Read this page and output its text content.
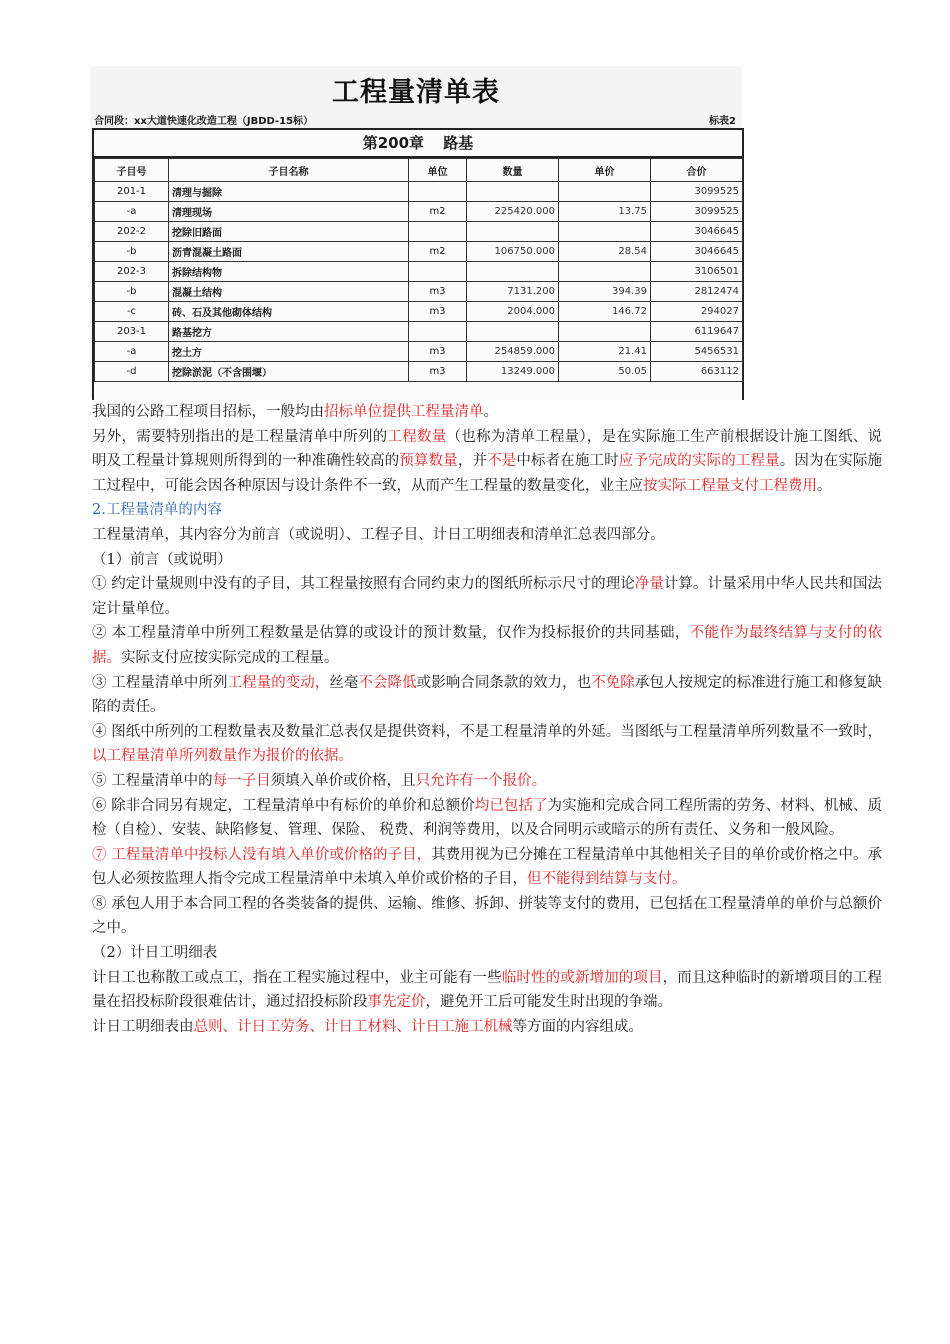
工程量清单表
合同段：xx大道快速化改造工程（JBDD-15标）	标表2
第200章 路基
子目号	子目名称	单位	数量	单价	合价
201-1	清理与掘除				3099525
-a	清理现场	m2	225420.000	13.75	3099525
202-2	挖除旧路面				3046645
-b	沥青混凝土路面	m2	106750.000	28.54	3046645
202-3	拆除结构物				3106501
-b	混凝土结构	m3	7131.200	394.39	2812474
-c	砖、石及其他砌体结构	m3	2004.000	146.72	294027
203-1	路基挖方				6119647
-a	挖土方	m3	254859.000	21.41	5456531
-d	挖除淤泥（不含围堰）	m3	13249.000	50.05	663112

我国的公路工程项目招标，一般均由招标单位提供工程量清单。

另外，需要特别指出的是工程量清单中所列的工程数量（也称为清单工程量），是在实际施工生产前根据设计施工图纸、说明及工程量计算规则所得到的一种准确性较高的预算数量，并不是中标者在施工时应予完成的实际的工程量。因为在实际施工过程中，可能会因各种原因与设计条件不一致，从而产生工程量的数量变化，业主应按实际工程量支付工程费用。

2.工程量清单的内容

工程量清单，其内容分为前言（或说明）、工程子目、计日工明细表和清单汇总表四部分。

（1）前言（或说明）

① 约定计量规则中没有的子目，其工程量按照有合同约束力的图纸所标示尺寸的理论净量计算。计量采用中华人民共和国法定计量单位。

② 本工程量清单中所列工程数量是估算的或设计的预计数量，仅作为投标报价的共同基础，不能作为最终结算与支付的依据。实际支付应按实际完成的工程量。

③ 工程量清单中所列工程量的变动，丝毫不会降低或影响合同条款的效力，也不免除承包人按规定的标准进行施工和修复缺陷的责任。

④ 图纸中所列的工程数量表及数量汇总表仅是提供资料，不是工程量清单的外延。当图纸与工程量清单所列数量不一致时，以工程量清单所列数量作为报价的依据。

⑤ 工程量清单中的每一子目须填入单价或价格，且只允许有一个报价。

⑥ 除非合同另有规定，工程量清单中有标价的单价和总额价均已包括了为实施和完成合同工程所需的劳务、材料、机械、质检（自检）、安装、缺陷修复、管理、保险、 税费、利润等费用，以及合同明示或暗示的所有责任、义务和一般风险。

⑦ 工程量清单中投标人没有填入单价或价格的子目，其费用视为已分摊在工程量清单中其他相关子目的单价或价格之中。承包人必须按监理人指令完成工程量清单中未填入单价或价格的子目，但不能得到结算与支付。

⑧ 承包人用于本合同工程的各类装备的提供、运输、维修、拆卸、拼装等支付的费用，已包括在工程量清单的单价与总额价之中。

（2）计日工明细表

计日工也称散工或点工，指在工程实施过程中，业主可能有一些临时性的或新增加的项目，而且这种临时的新增项目的工程量在招投标阶段很难估计，通过招投标阶段事先定价，避免开工后可能发生时出现的争端。

计日工明细表由总则、计日工劳务、计日工材料、计日工施工机械等方面的内容组成。
